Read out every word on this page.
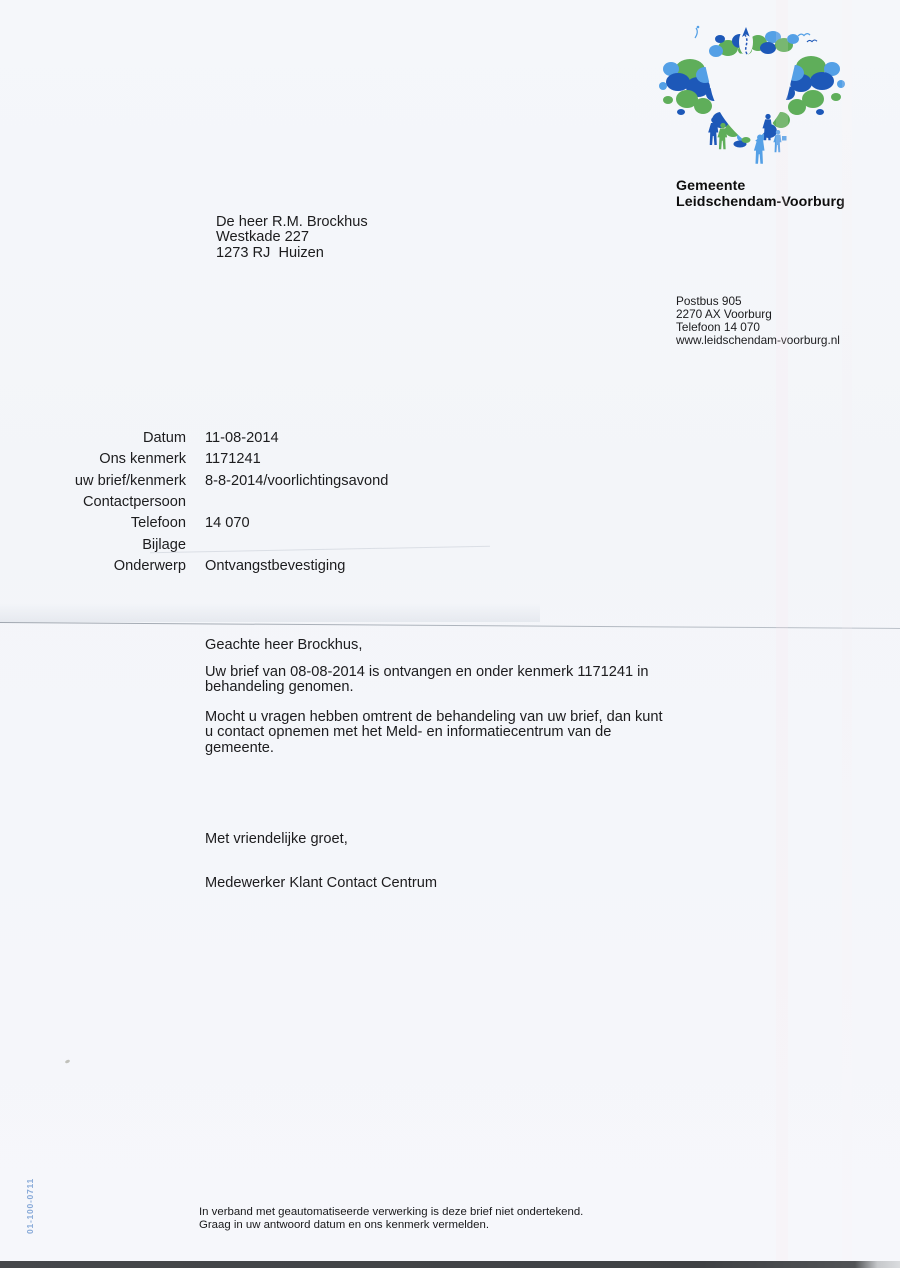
Gemeente
Leidschendam-Voorburg
De heer R.M. Brockhus
Westkade 227
1273 RJ  Huizen
Postbus 905
2270 AX Voorburg
Telefoon 14 070
www.leidschendam-voorburg.nl
Datum	11-08-2014
Ons kenmerk	1171241
uw brief/kenmerk	8-8-2014/voorlichtingsavond
Contactpersoon
Telefoon	14 070
Bijlage
Onderwerp	Ontvangstbevestiging
Geachte heer Brockhus,
Uw brief van 08-08-2014 is ontvangen en onder kenmerk 1171241 in
behandeling genomen.
Mocht u vragen hebben omtrent de behandeling van uw brief, dan kunt
u contact opnemen met het Meld- en informatiecentrum van de
gemeente.
Met vriendelijke groet,
Medewerker Klant Contact Centrum
In verband met geautomatiseerde verwerking is deze brief niet ondertekend.
Graag in uw antwoord datum en ons kenmerk vermelden.
01-100-0711
